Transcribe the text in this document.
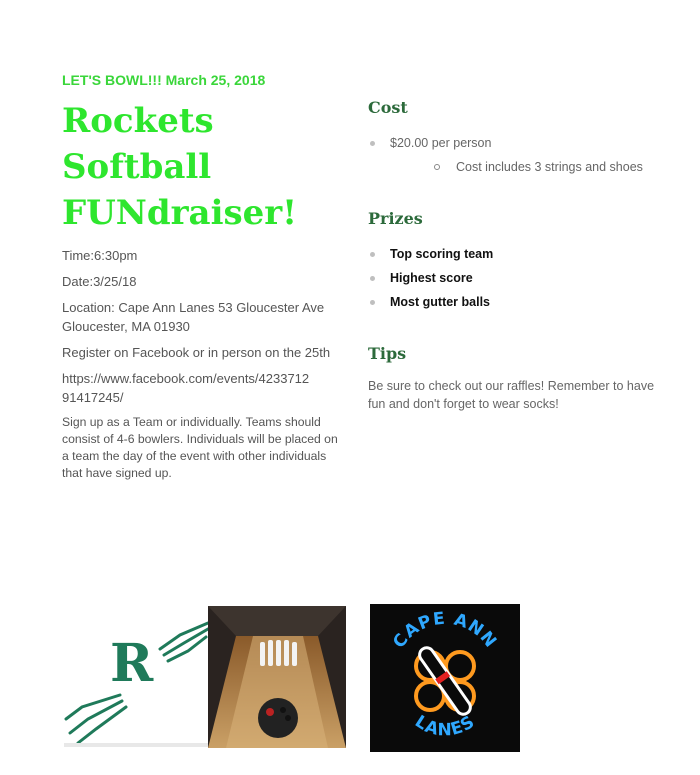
LET'S BOWL!!! March 25, 2018

Rockets
Softball
FUNdraiser!

Time:6:30pm

Date:3/25/18

Location: Cape Ann Lanes 53 Gloucester Ave Gloucester, MA 01930

Register on Facebook or in person on the 25th

https://www.facebook.com/events/4233712 91417245/

Sign up as a Team or individually. Teams should consist of 4-6 bowlers. Individuals will be placed on a team the day of the event with other individuals that have signed up.

Cost
$20.00 per person
Cost includes 3 strings and shoes
Prizes
Top scoring team
Highest score
Most gutter balls
Tips

Be sure to check out our raffles! Remember to have fun and don't forget to wear socks!

R	CAPE ANN
LANES
